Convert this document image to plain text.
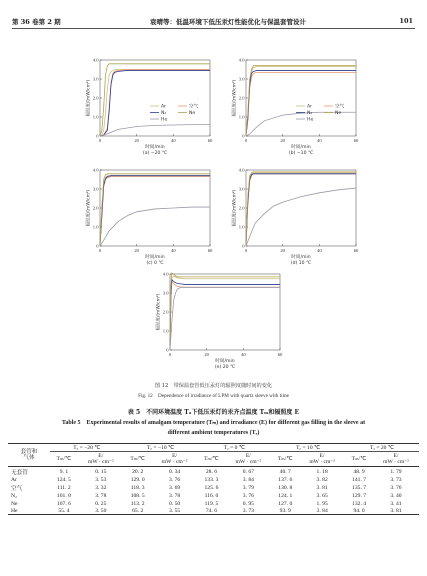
第 36 卷第 2 期	袁晴等：低温环境下低压汞灯性能优化与保温套管设计	101
0
1.0
2.0
3.0
4.0
0	20	40	60
时间/min
辐照度/(mW/cm²)
(a) −20 ℃
Ar	空气
N₂	Ne
He
0
1.0
2.0
3.0
4.0
0	20	40	60
时间/min
辐照度/(mW/cm²)
(b) −10 ℃
Ar	空气
N₂	Ne
He
0
1.0
2.0
3.0
4.0
0	20	40	60
时间/min
辐照度/(mW/cm²)
(c) 0 ℃
0
1.0
2.0
3.0
4.0
0	20	40	60
时间/min
辐照度/(mW/cm²)
(d) 10 ℃
0
1.0
2.0
3.0
4.0
0	20	40	60
时间/min
辐照度/(mW/cm²)
(e) 20 ℃
图 12　带保温套管低压汞灯的辐照度随时间的变化
Fig. 12　Dependence of irradiance of LPM with quartz sleeve with time
表 5　不同环境温度 Tₐ下低压汞灯的汞齐点温度 Tₘ和辐照度 E
Table 5　Experimental results of amalgam temperature (Tₘ) and irradiance (E) for different gas filling in the sleeve at
different ambient temperatures (Tₐ)
套管和
气体	Tₐ = −20 ℃		Tₐ = −10 ℃		Tₐ = 0 ℃		Tₐ = 10 ℃		Tₐ = 20 ℃	
	Tₘ/℃	E/
mW · cm⁻²	Tₘ/℃	E/
mW · cm⁻²	Tₘ/℃	E/
mW · cm⁻²	Tₘ/℃	E/
mW · cm⁻²	Tₘ/℃	E/
mW · cm⁻²
无套管	9. 1	0. 15	20. 2	0. 34	28. 6	0. 67	40. 7	1. 18	48. 9	1. 79
Ar	124. 5	3. 53	129. 0	3. 76	133. 3	3. 84	137. 6	3. 82	141. 7	3. 73
空气	111. 2	3. 32	118. 3	3. 69	125. 6	3. 79	130. 8	3. 81	135. 7	3. 76
N₂	101. 0	3. 78	108. 5	3. 78	116. 0	3. 76	124. 1	3. 65	129. 7	3. 40
Ne	107. 6	0. 25	113. 2	0. 50	119. 5	0. 95	127. 0	1. 95	132. 4	3. 41
He	55. 4	3. 50	65. 2	3. 55	74. 6	3. 73	93. 9	3. 84	94. 0	3. 81
